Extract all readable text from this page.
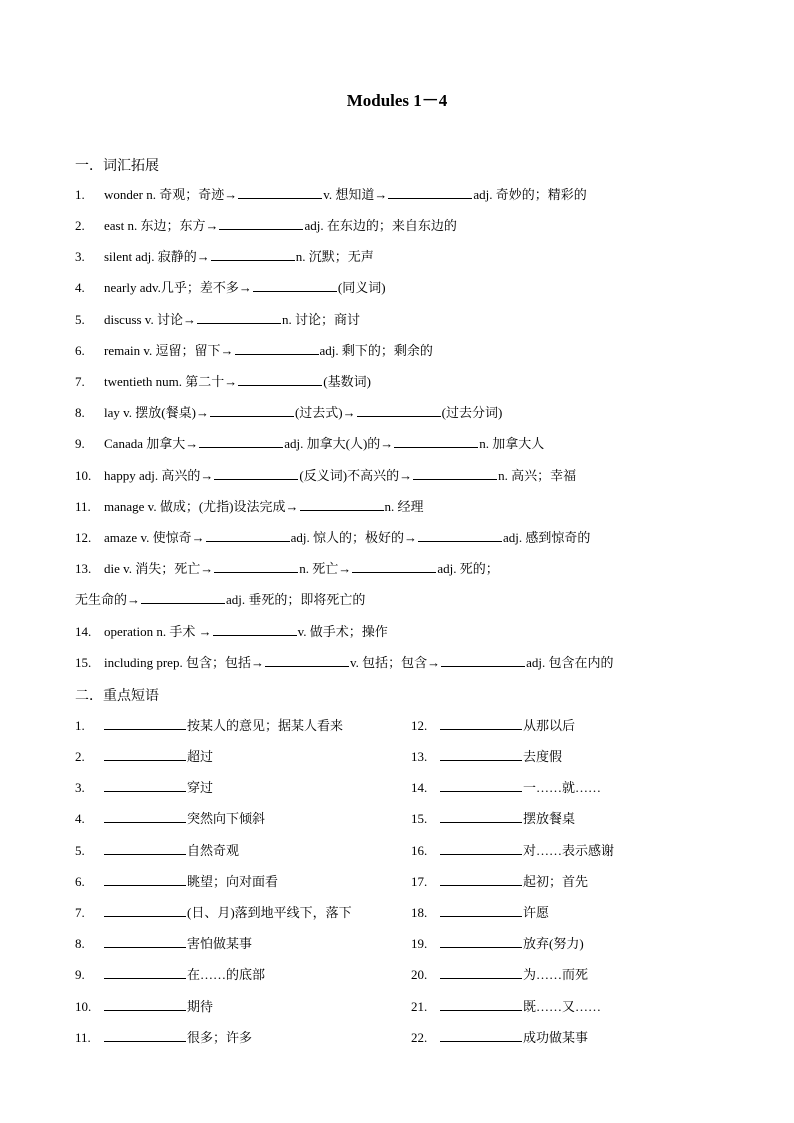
Modules 1－4
一．词汇拓展
1. wonder n. 奇观；奇迹→	v. 想知道→	adj. 奇妙的；精彩的
2. east n. 东边；东方→	adj. 在东边的；来自东边的
3. silent adj. 寂静的→	n. 沉默；无声
4. nearly adv.几乎；差不多→	(同义词)
5. discuss v. 讨论→	n. 讨论；商讨
6. remain v. 逗留；留下→	adj. 剩下的；剩余的
7. twentieth num. 第二十→	(基数词)
8. lay v. 摆放(餐桌)→	(过去式)→	(过去分词)
9. Canada 加拿大→	adj. 加拿大(人)的→	n. 加拿大人
10. happy adj. 高兴的→	(反义词)不高兴的→	n. 高兴；幸福
11. manage v. 做成；(尤指)设法完成→	n. 经理
12. amaze v. 使惊奇→	adj. 惊人的；极好的→	adj. 感到惊奇的
13. die v. 消失；死亡→	n. 死亡→	adj. 死的；
无生命的→	adj. 垂死的；即将死亡的
14. operation n. 手术 →	v. 做手术；操作
15. including prep. 包含；包括→	v. 包括；包含→	adj. 包含在内的
二．重点短语
1.	按某人的意见；据某人看来
2.	超过
3.	穿过
4.	突然向下倾斜
5.	自然奇观
6.	眺望；向对面看
7.	(日、月)落到地平线下，落下
8.	害怕做某事
9.	在……的底部
10.	期待
11.	很多；许多
12.	从那以后
13.	去度假
14.	一……就……
15.	摆放餐桌
16.	对……表示感谢
17.	起初；首先
18.	许愿
19.	放弃(努力)
20.	为……而死
21.	既……又……
22.	成功做某事
